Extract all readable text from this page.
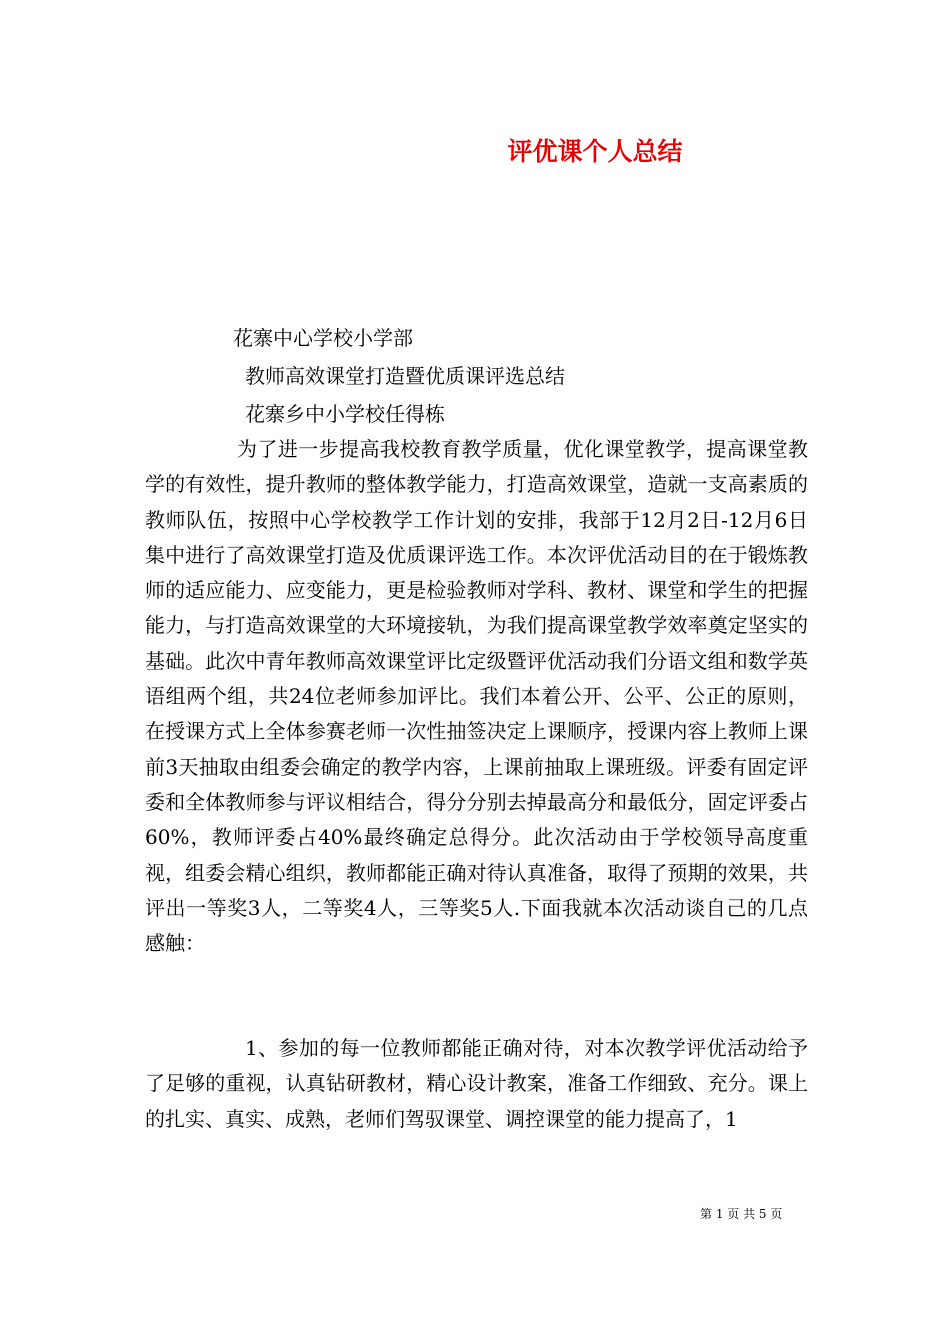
评优课个人总结
花寨中心学校小学部
教师高效课堂打造暨优质课评选总结
花寨乡中小学校任得栋

为了进一步提高我校教育教学质量，优化课堂教学，提高课堂教学的有效性，提升教师的整体教学能力，打造高效课堂，造就一支高素质的教师队伍，按照中心学校教学工作计划的安排，我部于12月2日-12月6日集中进行了高效课堂打造及优质课评选工作。本次评优活动目的在于锻炼教师的适应能力、应变能力，更是检验教师对学科、教材、课堂和学生的把握能力，与打造高效课堂的大环境接轨，为我们提高课堂教学效率奠定坚实的基础。此次中青年教师高效课堂评比定级暨评优活动我们分语文组和数学英语组两个组，共24位老师参加评比。我们本着公开、公平、公正的原则，在授课方式上全体参赛老师一次性抽签决定上课顺序，授课内容上教师上课前3天抽取由组委会确定的教学内容，上课前抽取上课班级。评委有固定评委和全体教师参与评议相结合，得分分别去掉最高分和最低分，固定评委占60%，教师评委占40%最终确定总得分。此次活动由于学校领导高度重视，组委会精心组织，教师都能正确对待认真准备，取得了预期的效果，共评出一等奖3人，二等奖4人，三等奖5人.下面我就本次活动谈自己的几点感触：

1、参加的每一位教师都能正确对待，对本次教学评优活动给予了足够的重视，认真钻研教材，精心设计教案，准备工作细致、充分。课上的扎实、真实、成熟，老师们驾驭课堂、调控课堂的能力提高了，1

第 1 页 共 5 页
